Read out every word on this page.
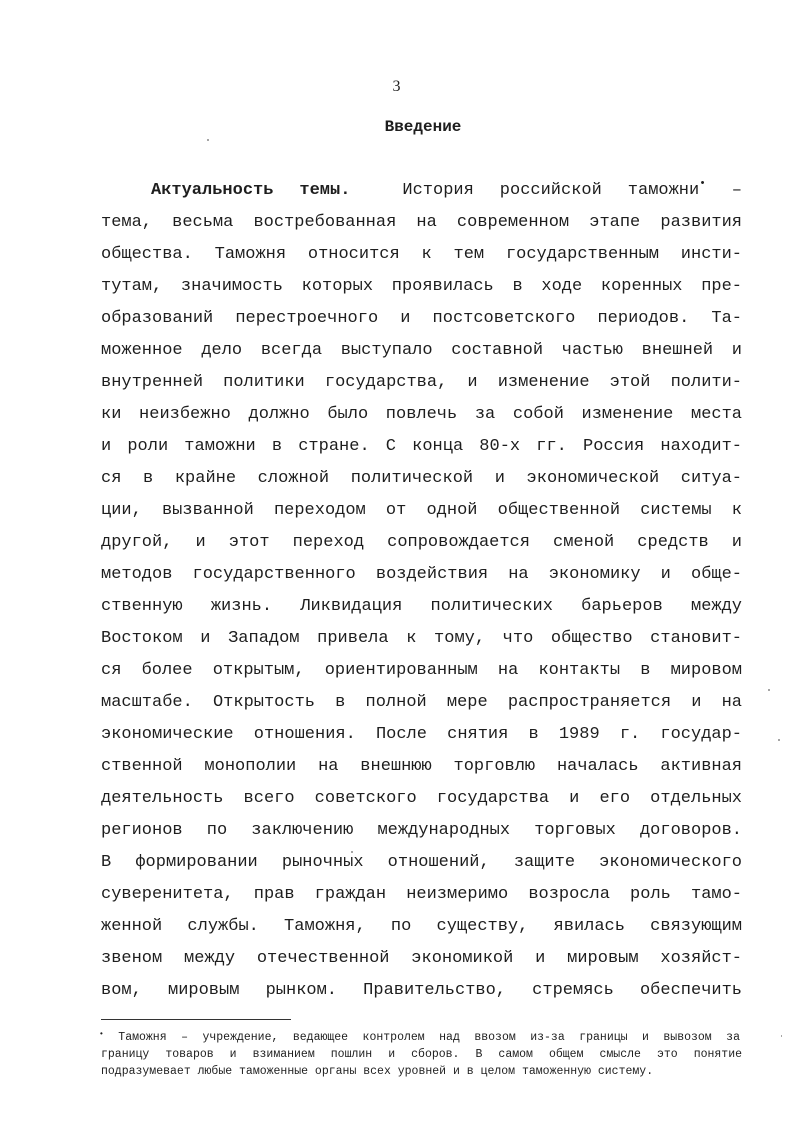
3
Введение
Актуальность темы.	История российской таможни• –
тема, весьма востребованная на современном этапе развития
общества. Таможня относится к тем государственным инсти-
тутам, значимость которых проявилась в ходе коренных пре-
образований перестроечного и постсоветского периодов. Та-
моженное дело всегда выступало составной частью внешней и
внутренней политики государства, и изменение этой полити-
ки неизбежно должно было повлечь за собой изменение места
и роли таможни в стране. С конца 80-х гг. Россия находит-
ся в крайне сложной политической и экономической ситуа-
ции, вызванной переходом от одной общественной системы к
другой, и этот переход сопровождается сменой средств и
методов государственного воздействия на экономику и обще-
ственную жизнь. Ликвидация политических барьеров между
Востоком и Западом привела к тому, что общество становит-
ся более открытым, ориентированным на контакты в мировом
масштабе. Открытость в полной мере распространяется и на
экономические отношения. После снятия в 1989 г. государ-
ственной монополии на внешнюю торговлю началась активная
деятельность всего советского государства и его отдельных
регионов по заключению международных торговых договоров.
В формировании рыночных отношений, защите экономического
суверенитета, прав граждан неизмеримо возросла роль тамо-
женной службы. Таможня, по существу, явилась связующим
звеном между отечественной экономикой и мировым хозяйст-
вом, мировым рынком. Правительство, стремясь обеспечить
• Таможня – учреждение, ведающее контролем над ввозом из-за границы и вывозом за
границу товаров и взиманием пошлин и сборов. В самом общем смысле это понятие
подразумевает любые таможенные органы всех уровней и в целом таможенную систему.
